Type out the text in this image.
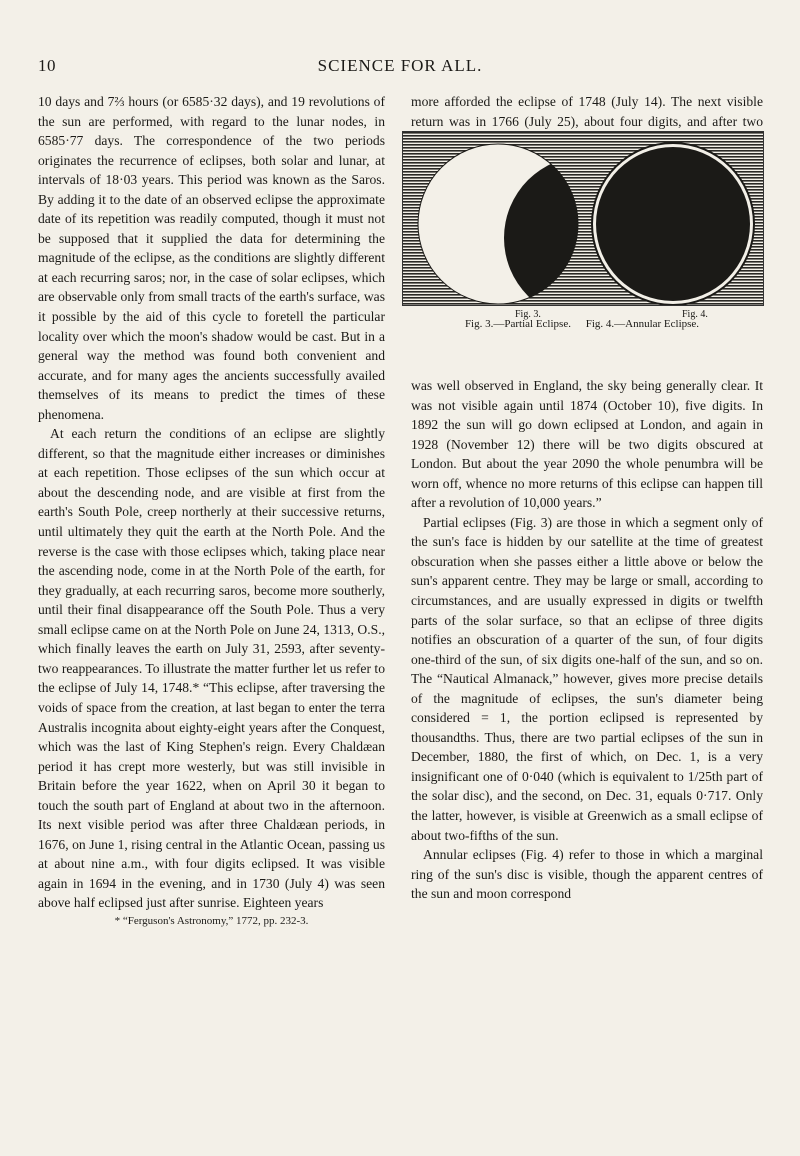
10	SCIENCE FOR ALL.

10 days and 7⅔ hours (or 6585·32 days), and 19 revolutions of the sun are performed, with regard to the lunar nodes, in 6585·77 days. The correspondence of the two periods originates the recurrence of eclipses, both solar and lunar, at intervals of 18·03 years. This period was known as the Saros. By adding it to the date of an observed eclipse the approximate date of its repetition was readily computed, though it must not be supposed that it supplied the data for determining the magnitude of the eclipse, as the conditions are slightly different at each recurring saros; nor, in the case of solar eclipses, which are observable only from small tracts of the earth's surface, was it possible by the aid of this cycle to foretell the particular locality over which the moon's shadow would be cast. But in a general way the method was found both convenient and accurate, and for many ages the ancients successfully availed themselves of its means to predict the times of these phenomena.

At each return the conditions of an eclipse are slightly different, so that the magnitude either increases or diminishes at each repetition. Those eclipses of the sun which occur at about the descending node, and are visible at first from the earth's South Pole, creep northerly at their successive returns, until ultimately they quit the earth at the North Pole. And the reverse is the case with those eclipses which, taking place near the ascending node, come in at the North Pole of the earth, for they gradually, at each recurring saros, become more southerly, until their final disappearance off the South Pole. Thus a very small eclipse came on at the North Pole on June 24, 1313, O.S., which finally leaves the earth on July 31, 2593, after seventy-two reappearances. To illustrate the matter further let us refer to the eclipse of July 14, 1748.* “This eclipse, after traversing the voids of space from the creation, at last began to enter the terra Australis incognita about eighty-eight years after the Conquest, which was the last of King Stephen's reign. Every Chaldæan period it has crept more westerly, but was still invisible in Britain before the year 1622, when on April 30 it began to touch the south part of England at about two in the afternoon. Its next visible period was after three Chaldæan periods, in 1676, on June 1, rising central in the Atlantic Ocean, passing us at about nine a.m., with four digits eclipsed. It was visible again in 1694 in the evening, and in 1730 (July 4) was seen above half eclipsed just after sunrise. Eighteen years

* “Ferguson's Astronomy,” 1772, pp. 232-3.

more afforded the eclipse of 1748 (July 14). The next visible return was in 1766 (July 25), about four digits, and after two

Fig. 3.	Fig. 4.
Fig. 3.—Partial Eclipse. Fig. 4.—Annular Eclipse.

was well observed in England, the sky being generally clear. It was not visible again until 1874 (October 10), five digits. In 1892 the sun will go down eclipsed at London, and again in 1928 (November 12) there will be two digits obscured at London. But about the year 2090 the whole penumbra will be worn off, whence no more returns of this eclipse can happen till after a revolution of 10,000 years.”

Partial eclipses (Fig. 3) are those in which a segment only of the sun's face is hidden by our satellite at the time of greatest obscuration when she passes either a little above or below the sun's apparent centre. They may be large or small, according to circumstances, and are usually expressed in digits or twelfth parts of the solar surface, so that an eclipse of three digits notifies an obscuration of a quarter of the sun, of four digits one-third of the sun, of six digits one-half of the sun, and so on. The “Nautical Almanack,” however, gives more precise details of the magnitude of eclipses, the sun's diameter being considered = 1, the portion eclipsed is represented by thousandths. Thus, there are two partial eclipses of the sun in December, 1880, the first of which, on Dec. 1, is a very insignificant one of 0·040 (which is equivalent to 1/25th part of the solar disc), and the second, on Dec. 31, equals 0·717. Only the latter, however, is visible at Greenwich as a small eclipse of about two-fifths of the sun.

Annular eclipses (Fig. 4) refer to those in which a marginal ring of the sun's disc is visible, though the apparent centres of the sun and moon correspond
